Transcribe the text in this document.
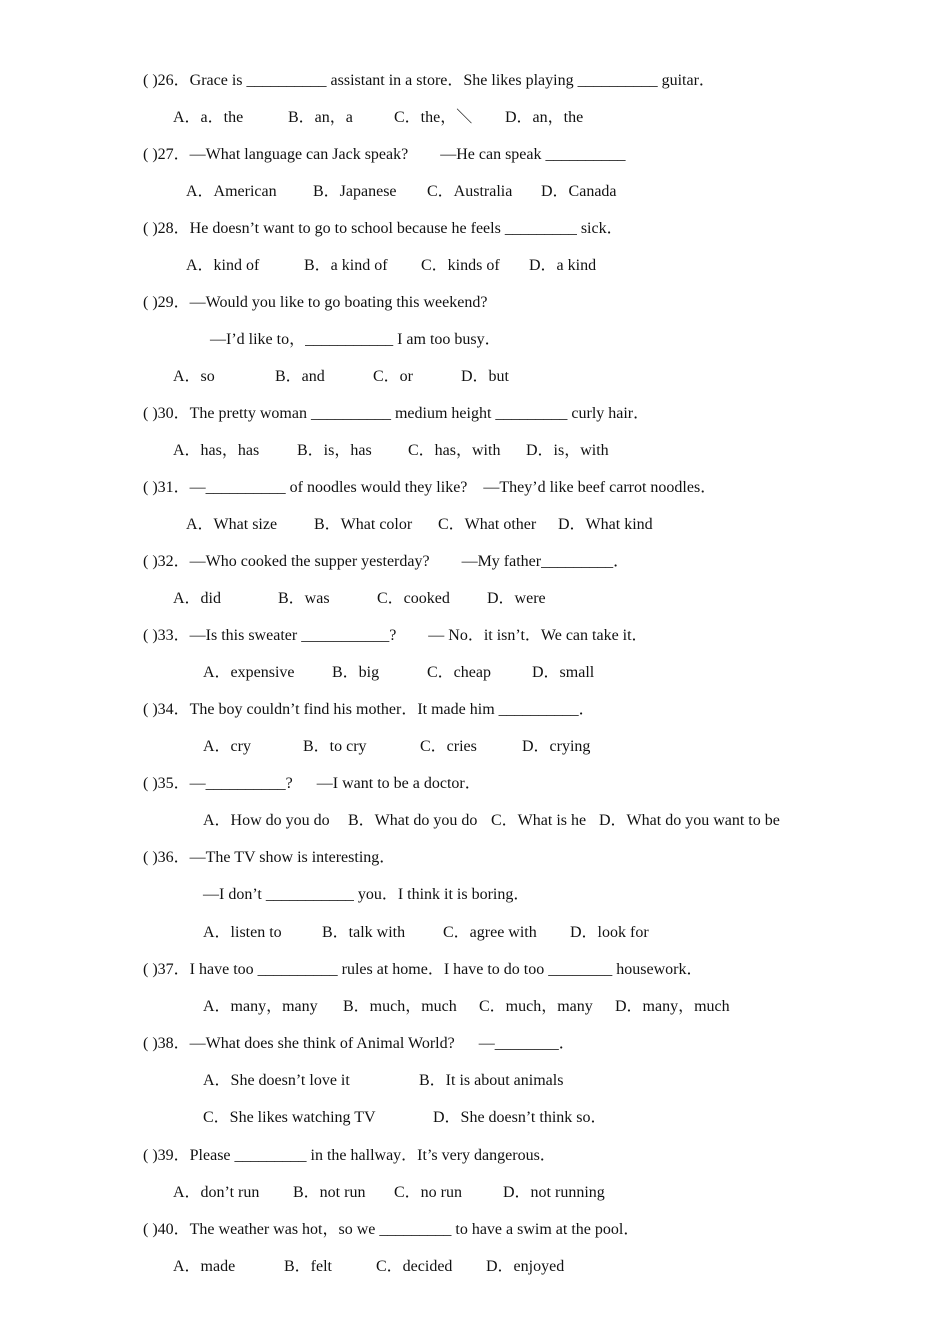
( )26．Grace is __________ assistant in a store．She likes playing __________ guitar．
A．a．the	B．an，a	C．the，＼ D．an，the
( )27．—What language can Jack speak?        —He can speak __________
A．American B．Japanese C．Australia D．Canada
( )28．He doesn’t want to go to school because he feels _________ sick．
A．kind of	B．a kind of C．kinds of D．a kind
( )29．—Would you like to go boating this weekend?
—I’d like to，___________ I am too busy．
A．so	B．and	C．or	D．but
( )30．The pretty woman __________ medium height _________ curly hair．
A．has，has B．is，has C．has，with D．is，with
( )31．—__________ of noodles would they like?    —They’d like beef carrot noodles．
A．What size B．What color C．What other D．What kind
( )32．—Who cooked the supper yesterday?        —My father_________．
A．did	B．was	C．cooked D．were
( )33．—Is this sweater ___________?        — No．it isn’t．We can take it．
A．expensive B．big	C．cheap	D．small
( )34．The boy couldn’t find his mother．It made him __________．
A．cry	B．to cry	C．cries	D．crying
( )35．—__________?      —I want to be a doctor．
A．How do you do B．What do you do C．What is he D．What do you want to be
( )36．—The TV show is interesting．
—I don’t ___________ you．I think it is boring．
A．listen to	B．talk with C．agree with D．look for
( )37．I have too __________ rules at home．I have to do too ________ housework．
A．many，many B．much，much C．much，many D．many，much
( )38．—What does she think of Animal World?      —________．
A．She doesn’t love it	B．It is about animals
C．She likes watching TV	D．She doesn’t think so．
( )39．Please _________ in the hallway．It’s very dangerous．
A．don’t run B．not run C．no run	D．not running
( )40．The weather was hot，so we _________ to have a swim at the pool．
A．made	B．felt	C．decided D．enjoyed
